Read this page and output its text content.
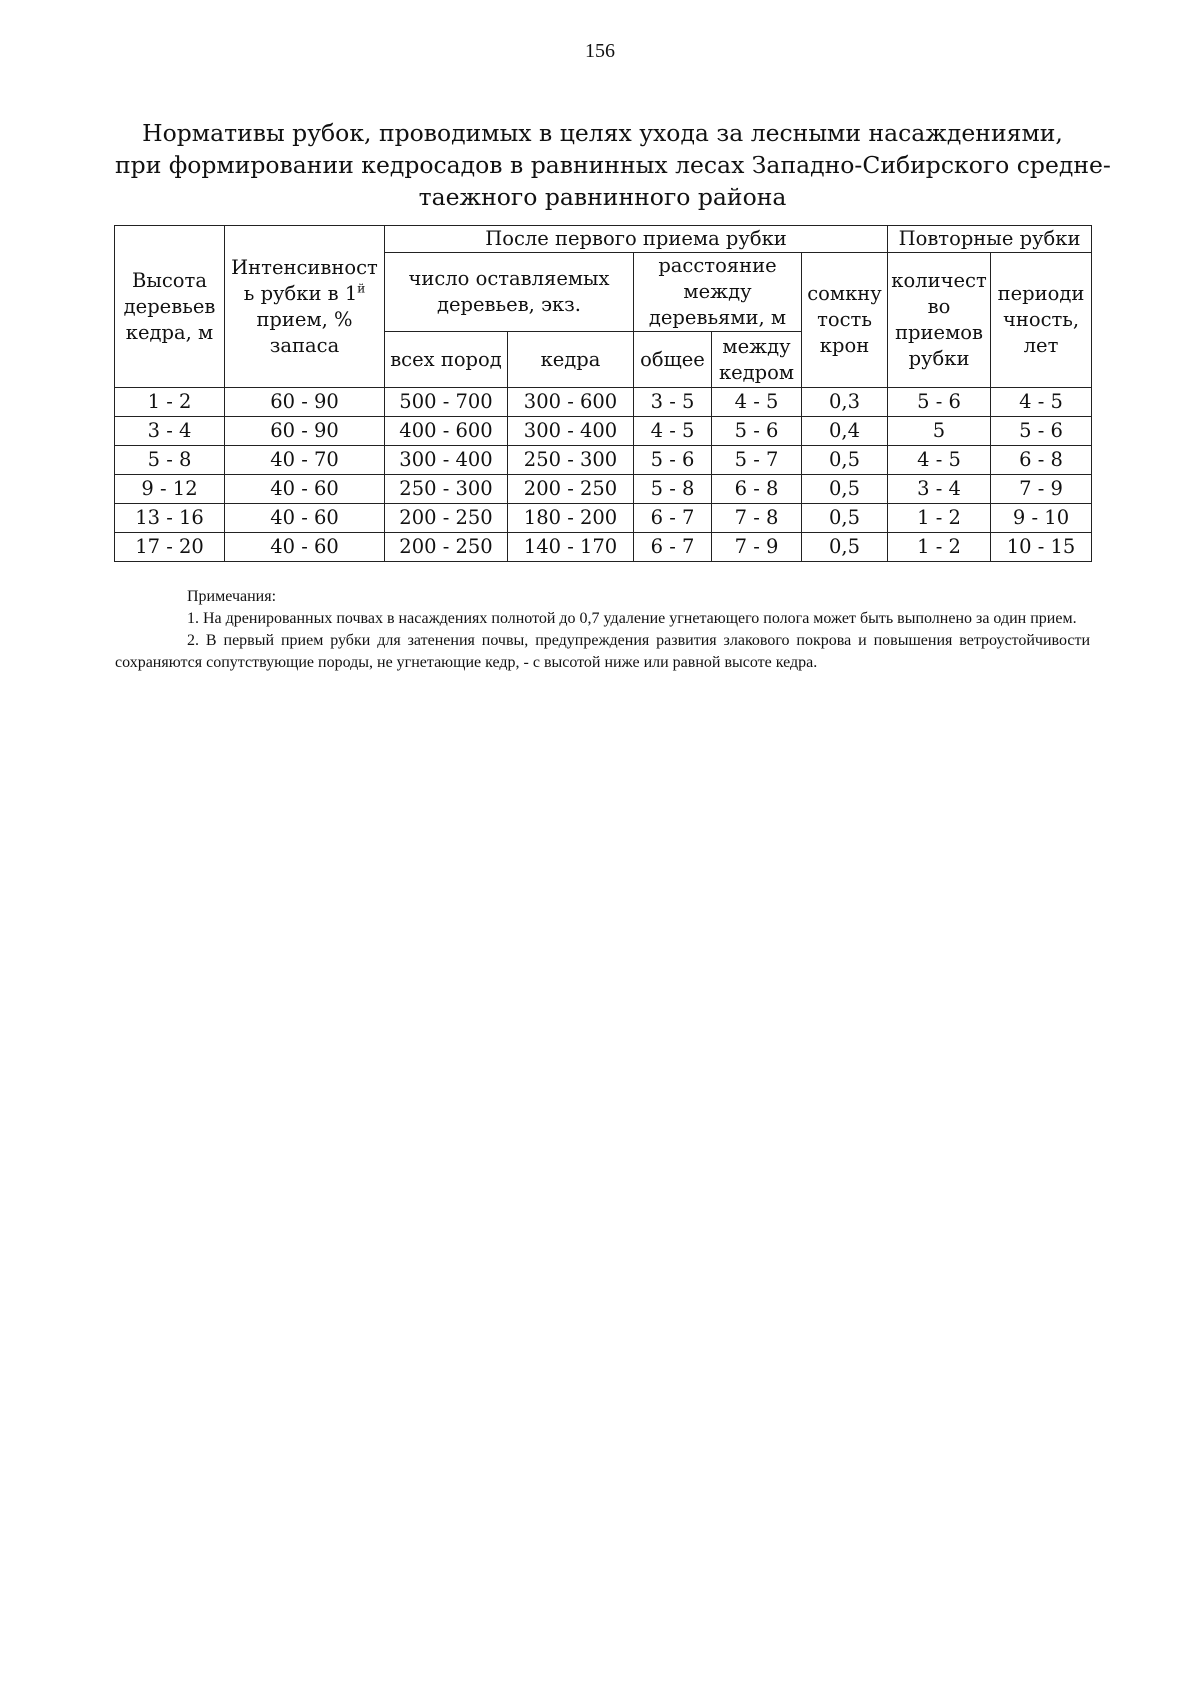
156
Нормативы рубок, проводимых в целях ухода за лесными насаждениями,
при формировании кедросадов в равнинных лесах Западно-Сибирского средне-
таежного равнинного района
Высота деревьев кедра, м	Интенсивност ь рубки в $1^й$ прием, % запаса	После первого приема рубки					Повторные рубки	
		число оставляемых деревьев, экз.		расстояние между деревьями, м		сомкну тость крон	количест во приемов рубки	периоди чность, лет
		всех пород	кедра	общее	между кедром			
1 - 2	60 - 90	500 - 700	300 - 600	3 - 5	4 - 5	0,3	5 - 6	4 - 5
3 - 4	60 - 90	400 - 600	300 - 400	4 - 5	5 - 6	0,4	5	5 - 6
5 - 8	40 - 70	300 - 400	250 - 300	5 - 6	5 - 7	0,5	4 - 5	6 - 8
9 - 12	40 - 60	250 - 300	200 - 250	5 - 8	6 - 8	0,5	3 - 4	7 - 9
13 - 16	40 - 60	200 - 250	180 - 200	6 - 7	7 - 8	0,5	1 - 2	9 - 10
17 - 20	40 - 60	200 - 250	140 - 170	6 - 7	7 - 9	0,5	1 - 2	10 - 15
Примечания:

1. На дренированных почвах в насаждениях полнотой до 0,7 удаление угнетающего полога может быть выполнено за один прием.

2. В первый прием рубки для затенения почвы, предупреждения развития злакового покрова и повышения ветроустойчивости сохраняются сопутствующие породы, не угнетающие кедр, - с высотой ниже или равной высоте кедра.
